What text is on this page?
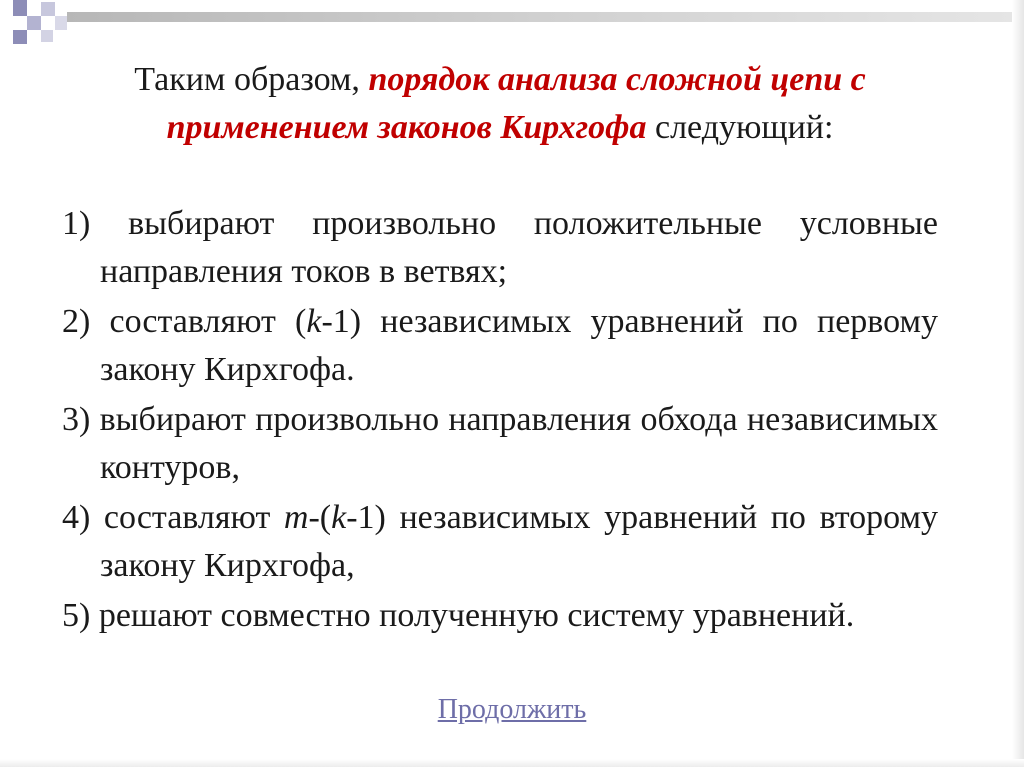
Таким образом, порядок анализа сложной цепи с применением законов Кирхгофа следующий:

1) выбирают произвольно положительные условные направления токов в ветвях;

2) составляют (k-1) независимых уравнений по первому закону Кирхгофа.

3) выбирают произвольно направления обхода независимых контуров,

4) составляют m-(k-1) независимых уравнений по второму закону Кирхгофа,

5) решают совместно полученную систему уравнений.

Продолжить
